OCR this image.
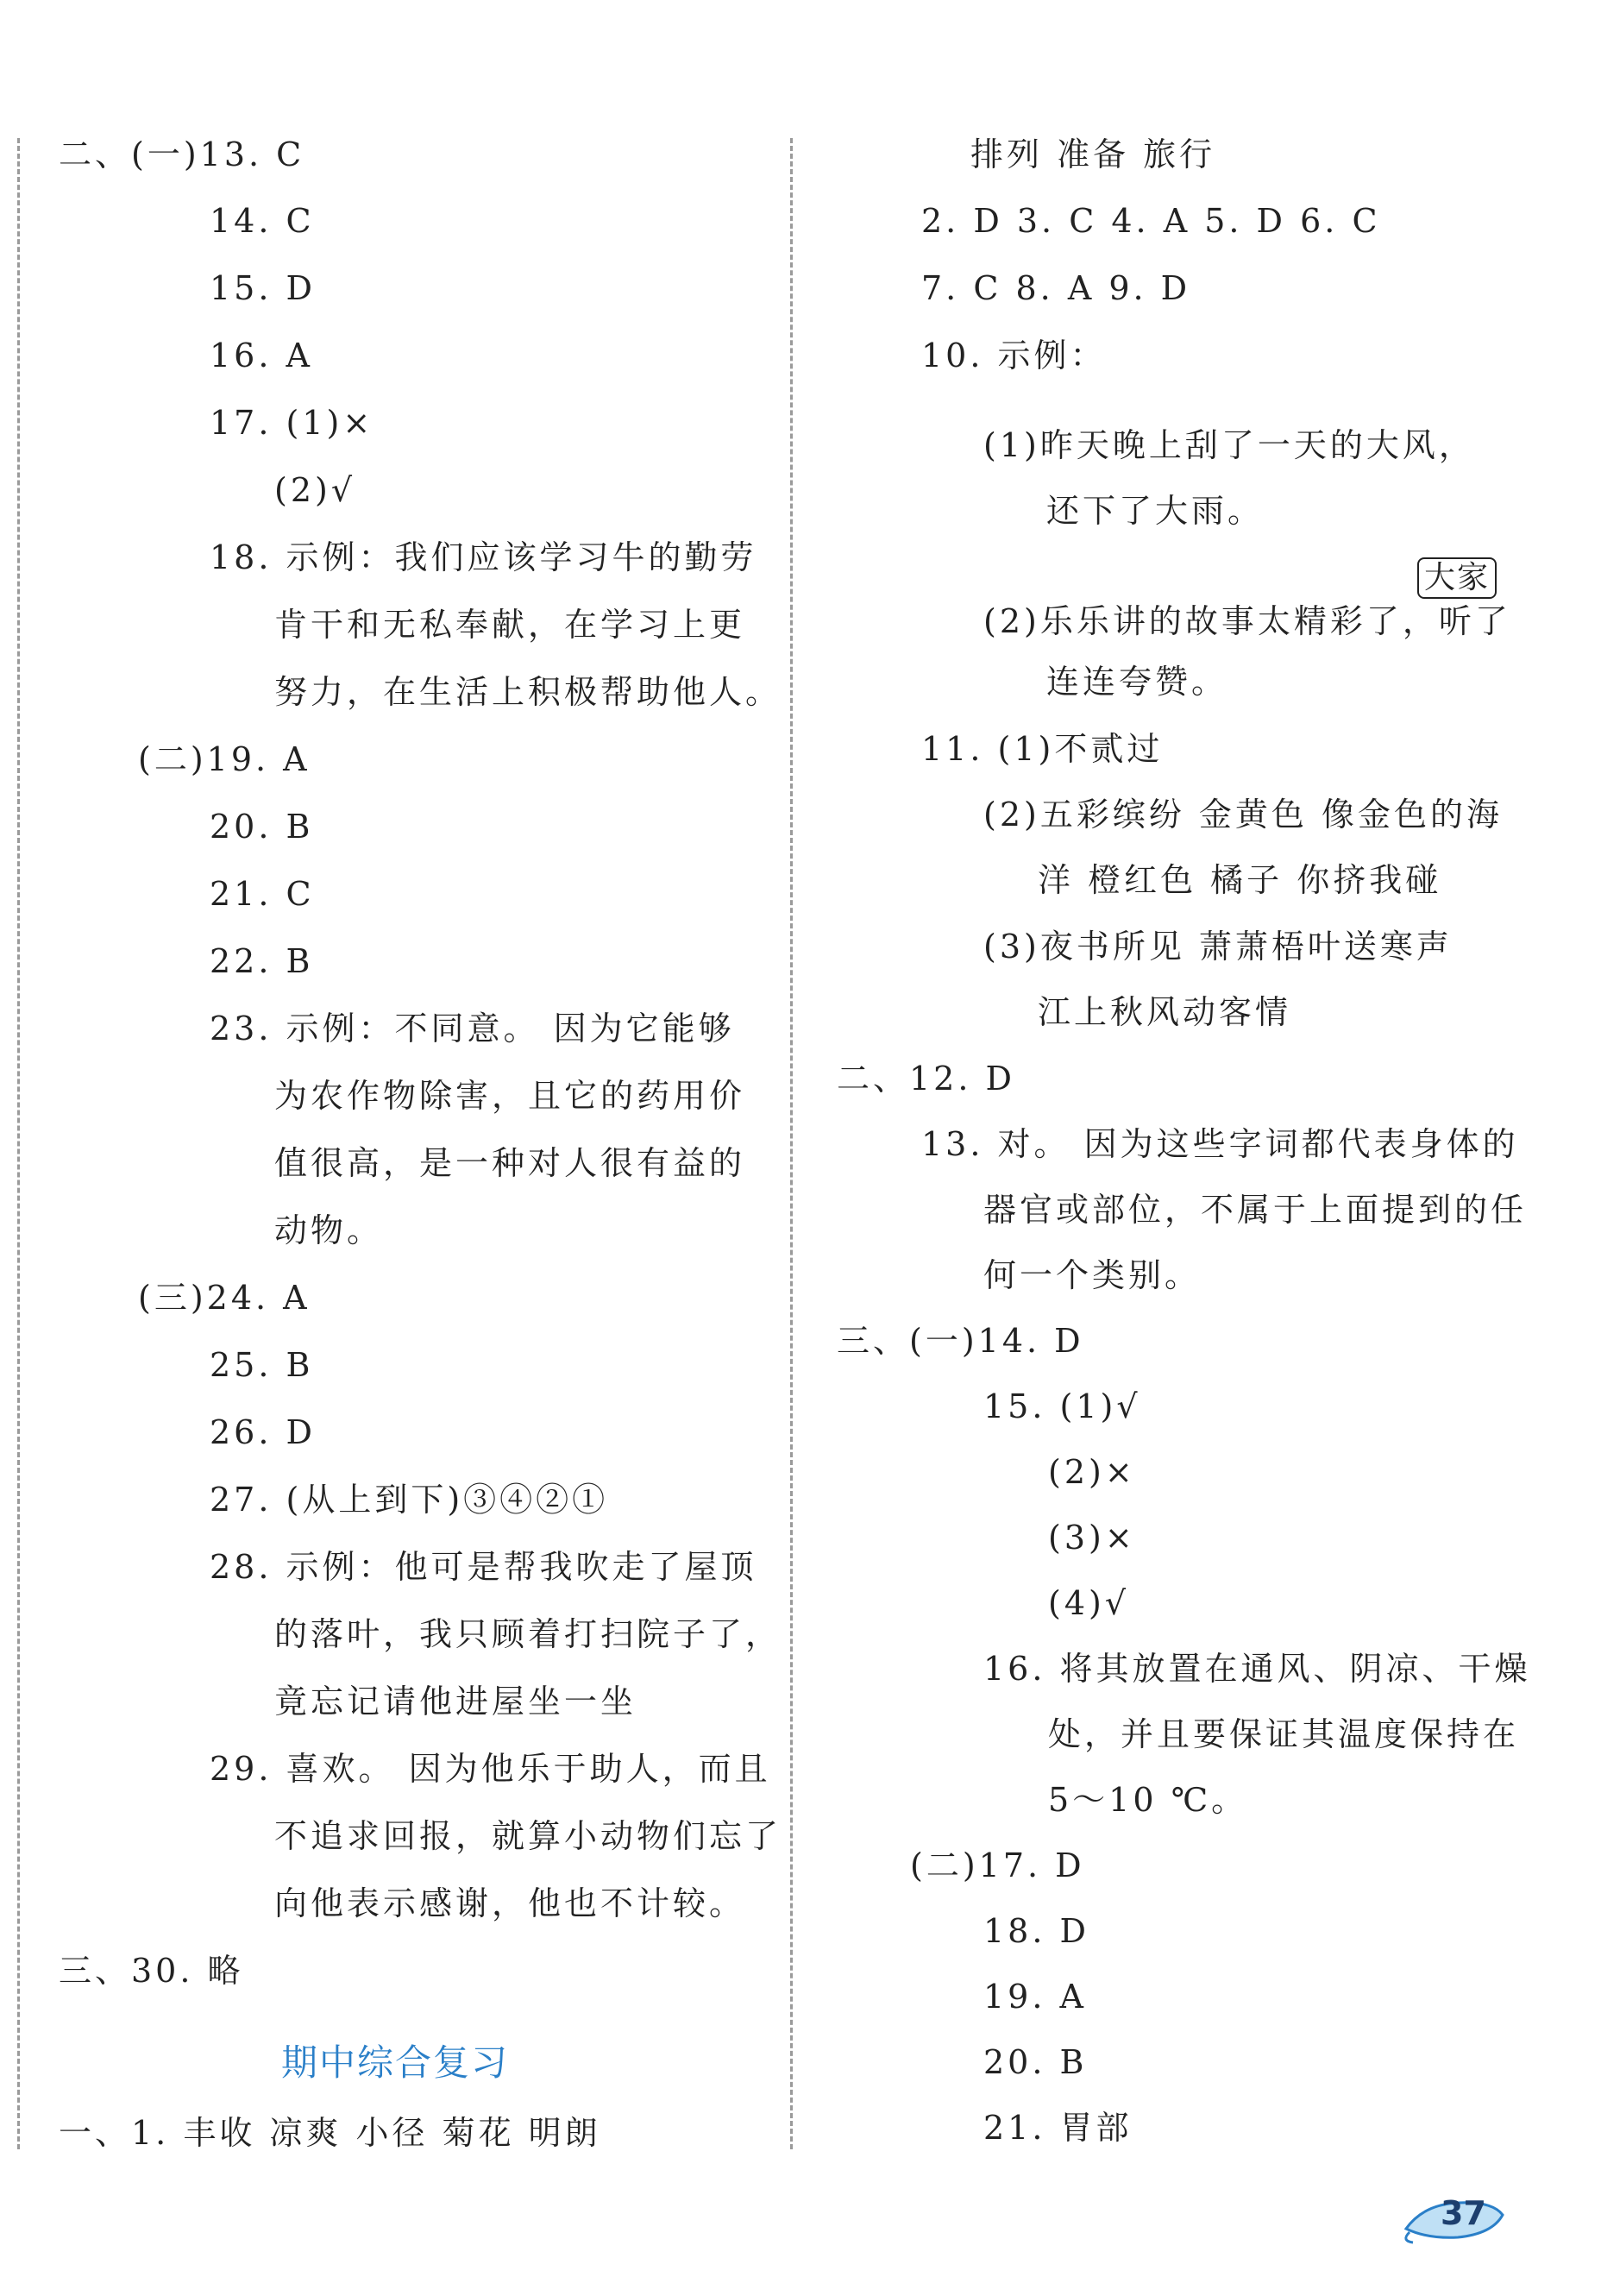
二、(一)13. C
14. C
15. D
16. A
17. (1)×
(2)√
18. 示例：我们应该学习牛的勤劳
肯干和无私奉献，在学习上更
努力，在生活上积极帮助他人。
(二)19. A
20. B
21. C
22. B
23. 示例：不同意。 因为它能够
为农作物除害，且它的药用价
值很高，是一种对人很有益的
动物。
(三)24. A
25. B
26. D
27. (从上到下)③④②①
28. 示例：他可是帮我吹走了屋顶
的落叶，我只顾着打扫院子了，
竟忘记请他进屋坐一坐
29. 喜欢。 因为他乐于助人，而且
不追求回报，就算小动物们忘了
向他表示感谢，他也不计较。
三、30. 略
期中综合复习
一、1. 丰收 凉爽 小径 菊花 明朗
排列 准备 旅行
2. D 3. C 4. A 5. D 6. C
7. C 8. A 9. D
10. 示例：
(1)昨天晚上刮了一天的大风，
还下了大雨。
大家
(2)乐乐讲的故事太精彩了，听了
连连夸赞。
11. (1)不贰过
(2)五彩缤纷 金黄色 像金色的海
洋 橙红色 橘子 你挤我碰
(3)夜书所见 萧萧梧叶送寒声
江上秋风动客情
二、12. D
13. 对。 因为这些字词都代表身体的
器官或部位，不属于上面提到的任
何一个类别。
三、(一)14. D
15. (1)√
(2)×
(3)×
(4)√
16. 将其放置在通风、阴凉、干燥
处，并且要保证其温度保持在
5～10 ℃。
(二)17. D
18. D
19. A
20. B
21. 胃部
37
